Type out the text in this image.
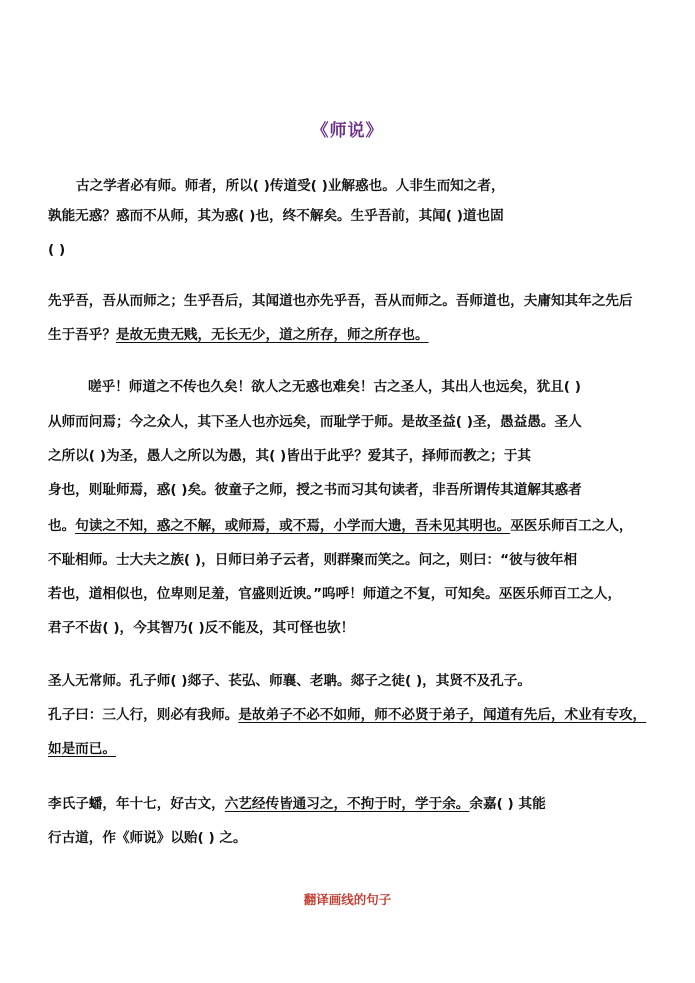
《师说》
古之学者必有师。师者，所以( )传道受( )业解惑也。人非生而知之者，
孰能无惑？惑而不从师，其为惑( )也，终不解矣。生乎吾前，其闻( )道也固
( )
先乎吾，吾从而师之；生乎吾后，其闻道也亦先乎吾，吾从而师之。吾师道也，夫庸知其年之先后
生于吾乎？是故无贵无贱，无长无少，道之所存，师之所存也。
嗟乎！师道之不传也久矣！欲人之无惑也难矣！古之圣人，其出人也远矣，犹且( )
从师而问焉；今之众人，其下圣人也亦远矣，而耻学于师。是故圣益( )圣，愚益愚。圣人
之所以( )为圣，愚人之所以为愚，其( )皆出于此乎？爱其子，择师而教之；于其
身也，则耻师焉，惑( )矣。彼童子之师，授之书而习其句读者，非吾所谓传其道解其惑者
也。句读之不知，惑之不解，或师焉，或不焉，小学而大遗，吾未见其明也。巫医乐师百工之人，
不耻相师。士大夫之族( )，日师曰弟子云者，则群聚而笑之。问之，则曰：“彼与彼年相
若也，道相似也，位卑则足羞，官盛则近谀。”呜呼！师道之不复，可知矣。巫医乐师百工之人，
君子不齿( )，今其智乃( )反不能及，其可怪也欤！
圣人无常师。孔子师( )郯子、苌弘、师襄、老聃。郯子之徒( )，其贤不及孔子。
孔子曰：三人行，则必有我师。是故弟子不必不如师，师不必贤于弟子，闻道有先后，术业有专攻，
如是而已。
李氏子蟠，年十七，好古文，六艺经传皆通习之，不拘于时，学于余。余嘉( ) 其能
行古道，作《师说》以贻( ) 之。
翻译画线的句子
